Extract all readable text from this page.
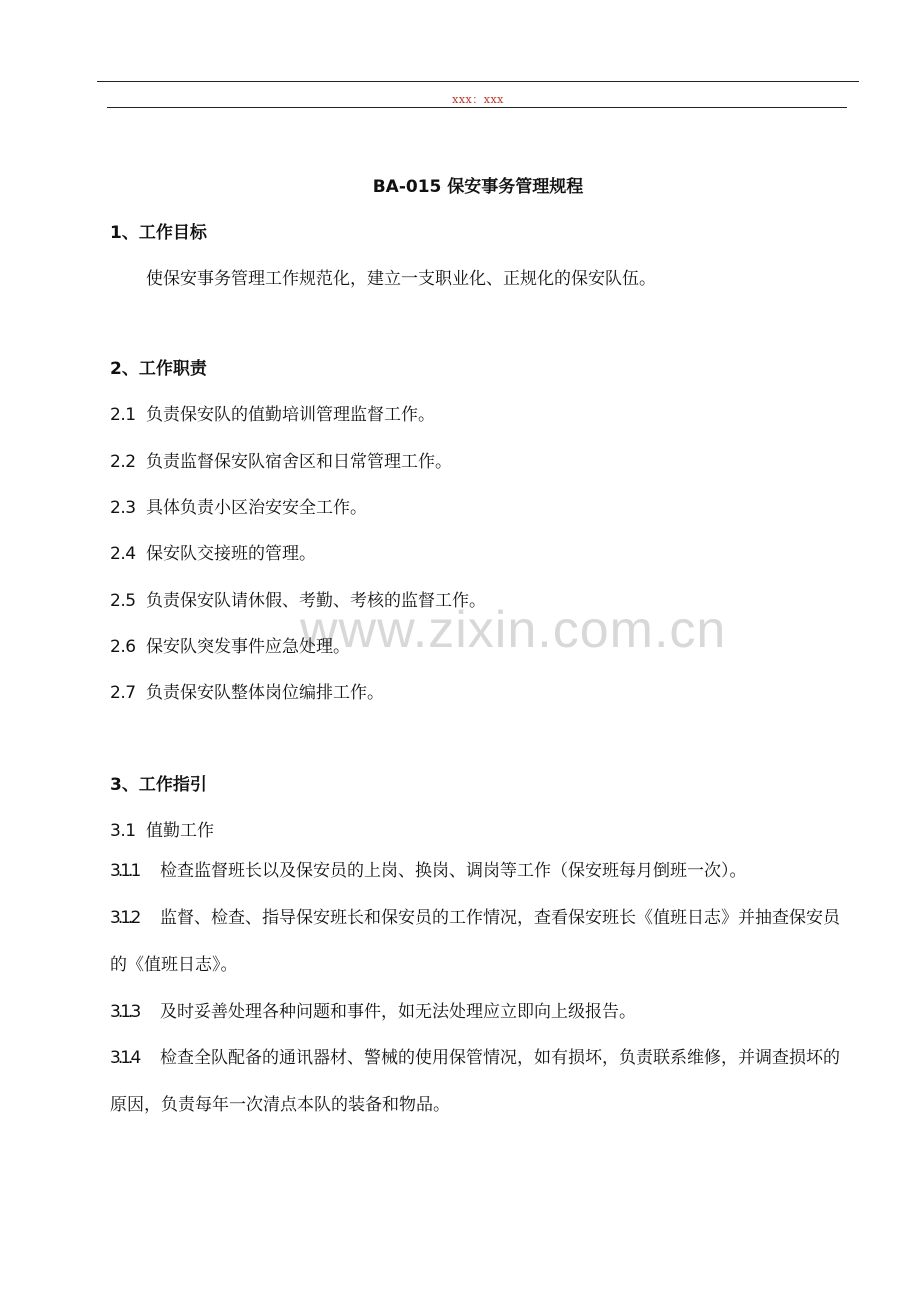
xxx：xxx
www.zixin.com.cn
BA-015 保安事务管理规程
1、工作目标
使保安事务管理工作规范化，建立一支职业化、正规化的保安队伍。
2、工作职责
2.1 负责保安队的值勤培训管理监督工作。
2.2 负责监督保安队宿舍区和日常管理工作。
2.3 具体负责小区治安安全工作。
2.4 保安队交接班的管理。
2.5 负责保安队请休假、考勤、考核的监督工作。
2.6 保安队突发事件应急处理。
2.7 负责保安队整体岗位编排工作。
3、工作指引
3.1 值勤工作
3.1.1 检查监督班长以及保安员的上岗、换岗、调岗等工作（保安班每月倒班一次）。
3.1.2 监督、检查、指导保安班长和保安员的工作情况，查看保安班长《值班日志》并抽查保安员的《值班日志》。
3.1.3 及时妥善处理各种问题和事件，如无法处理应立即向上级报告。
3.1.4 检查全队配备的通讯器材、警械的使用保管情况，如有损坏，负责联系维修，并调查损坏的原因，负责每年一次清点本队的装备和物品。
